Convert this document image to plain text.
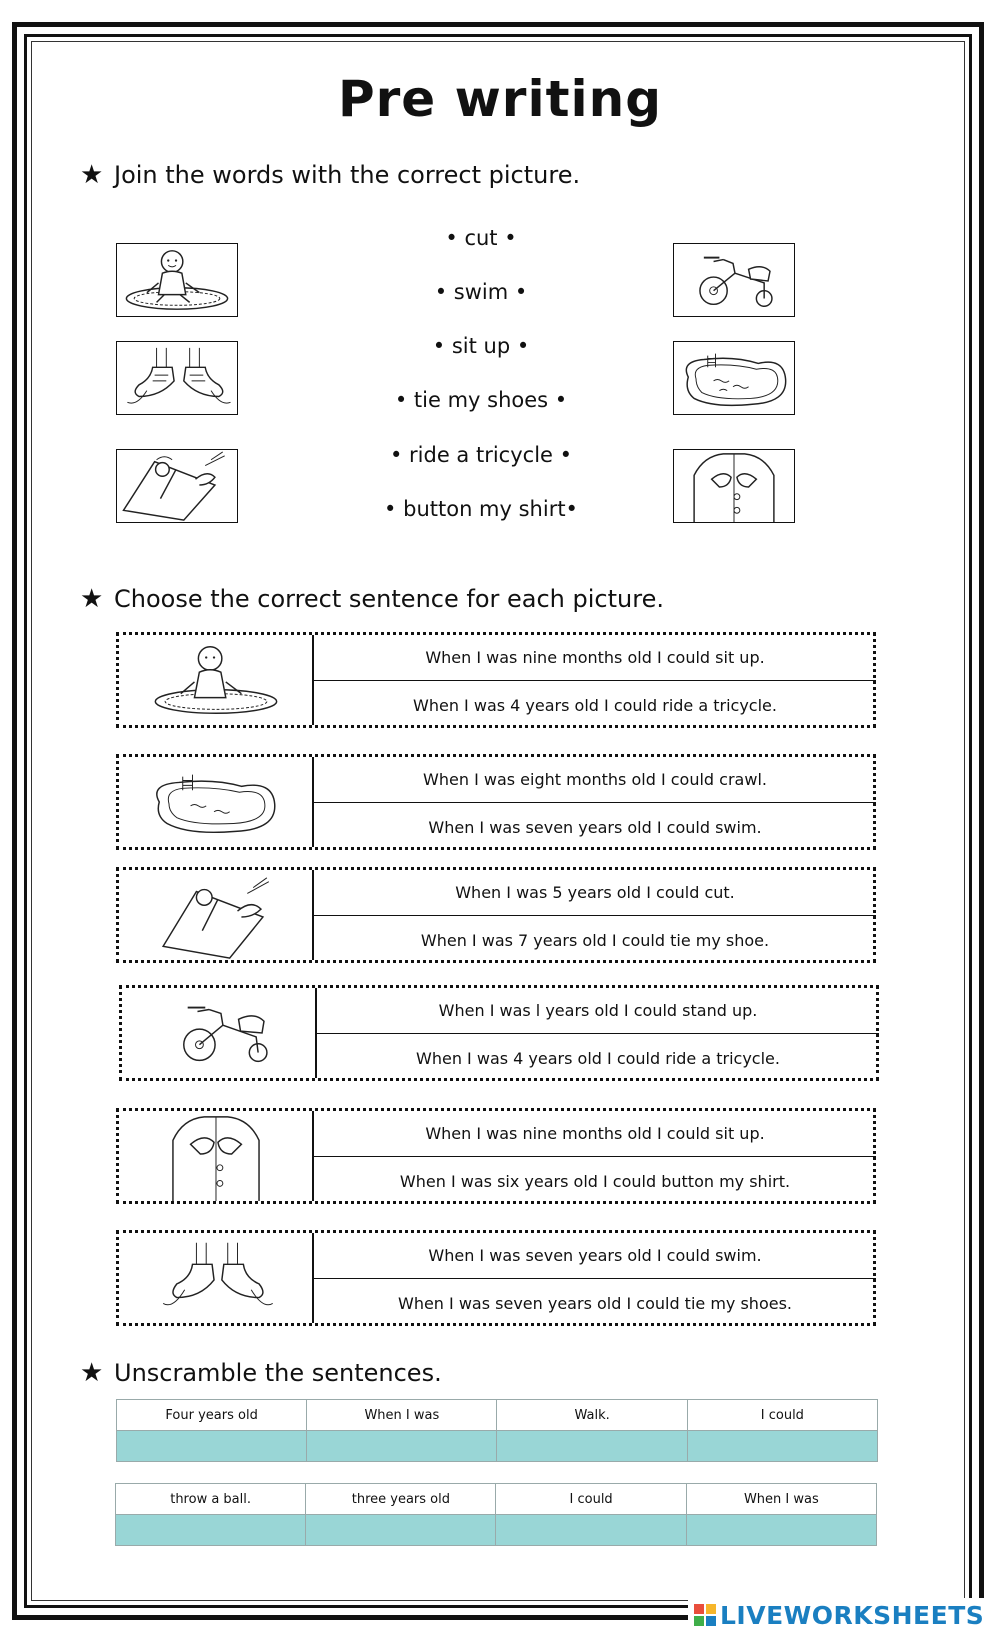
Pre writing
★ Join the words with the correct picture.
• cut •
• swim •
• sit up •
• tie my shoes •
• ride a tricycle •
• button my shirt•
★ Choose the correct sentence for each picture.
When I was nine months old I could sit up.
When I was 4 years old I could ride a tricycle.
When I was eight months old I could crawl.
When I was seven years old I could swim.
When I was 5 years old I could cut.
When I was 7 years old I could tie my shoe.
When I was l years old I could stand up.
When I was 4 years old I could ride a tricycle.
When I was nine months old I could sit up.
When I was six years old I could button my shirt.
When I was seven years old I could swim.
When I was seven years old I could tie my shoes.
★ Unscramble the sentences.
Four years old	When I was	Walk.	I could

throw a ball.	three years old	I could	When I was

LIVEWORKSHEETS
